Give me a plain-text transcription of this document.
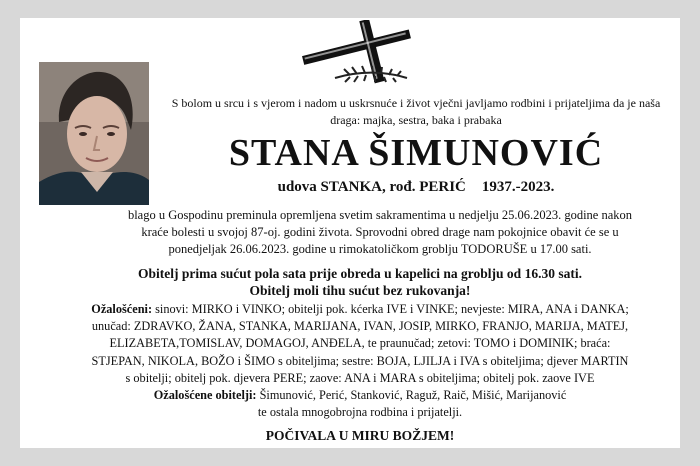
S bolom u srcu i s vjerom i nadom u uskrsnuće i život vječni javljamo rodbini i prijateljima da je naša draga: majka, sestra, baka i prabaka
STANA ŠIMUNOVIĆ
udova STANKA, rođ. PERIĆ 1937.-2023.
blago u Gospodinu preminula opremljena svetim sakramentima u nedjelju 25.06.2023. godine nakon
kraće bolesti u svojoj 87-oj. godini života. Sprovodni obred drage nam pokojnice obavit će se u
ponedjeljak 26.06.2023. godine u rimokatoličkom groblju TODORUŠE u 17.00 sati.
Obitelj prima sućut pola sata prije obreda u kapelici na groblju od 16.30 sati.
Obitelj moli tihu sućut bez rukovanja!
Ožalošćeni: sinovi: MIRKO i VINKO; obitelji pok. kćerka IVE i VINKE; nevjeste: MIRA, ANA i DANKA;
unučad: ZDRAVKO, ŽANA, STANKA, MARIJANA, IVAN, JOSIP, MIRKO, FRANJO, MARIJA, MATEJ,
ELIZABETA,TOMISLAV, DOMAGOJ, ANĐELA, te praunučad; zetovi: TOMO i DOMINIK; braća:
STJEPAN, NIKOLA, BOŽO i ŠIMO s obiteljima; sestre: BOJA, LJILJA i IVA s obiteljima; djever MARTIN
s obitelji; obitelj pok. djevera PERE; zaove: ANA i MARA s obiteljima; obitelj pok. zaove IVE
Ožalošćene obitelji: Šimunović, Perić, Stanković, Raguž, Raič, Mišić, Marijanović
te ostala mnogobrojna rodbina i prijatelji.
POČIVALA U MIRU BOŽJEM!
